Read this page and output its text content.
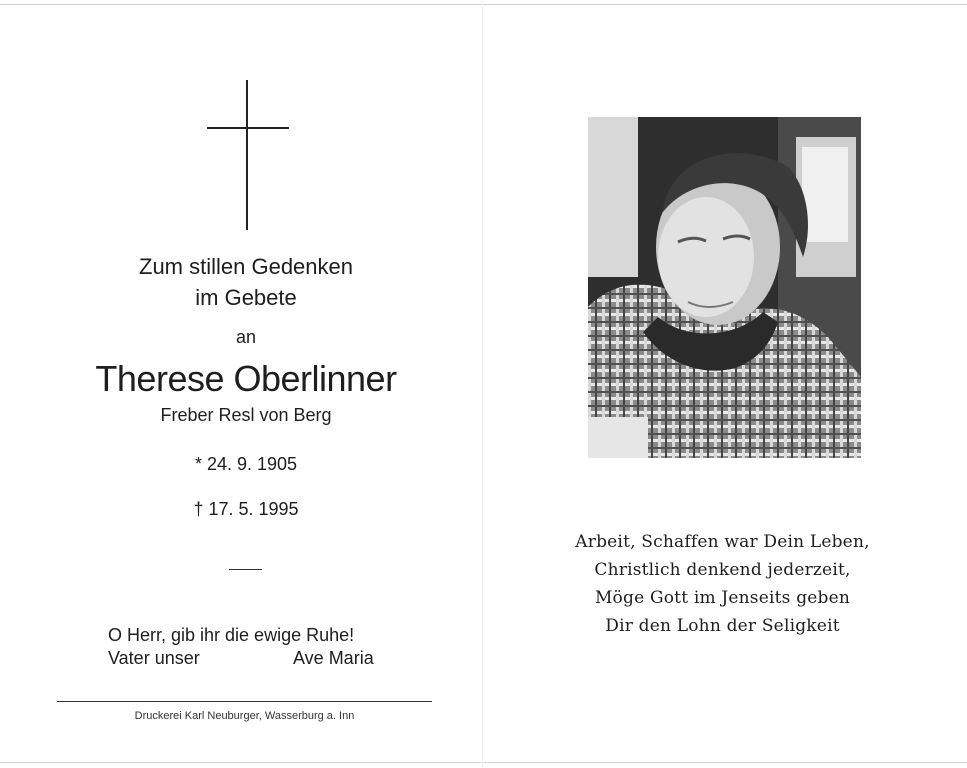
Zum stillen Gedenken
im Gebete
an
Therese Oberlinner
Freber Resl von Berg
* 24. 9. 1905
† 17. 5. 1995
O Herr, gib ihr die ewige Ruhe!
Vater unser	Ave Maria
Druckerei Karl Neuburger, Wasserburg a. Inn
Arbeit, Schaffen war Dein Leben,
Christlich denkend jederzeit,
Möge Gott im Jenseits geben
Dir den Lohn der Seligkeit
